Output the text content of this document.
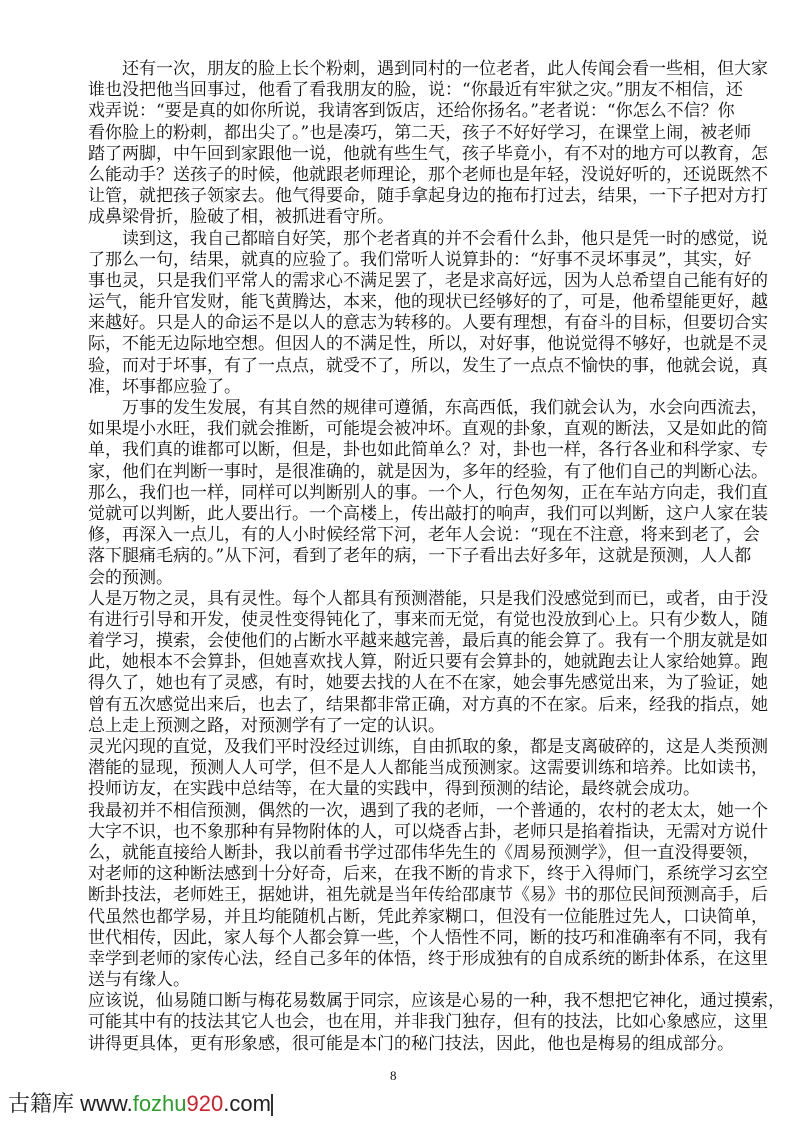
还有一次，朋友的脸上长个粉刺，遇到同村的一位老者，此人传闻会看一些相，但大家
谁也没把他当回事过，他看了看我朋友的脸，说：“你最近有牢狱之灾。”朋友不相信，还
戏弄说：“要是真的如你所说，我请客到饭店，还给你扬名。”老者说：“你怎么不信？你
看你脸上的粉刺，都出尖了。”也是凑巧，第二天，孩子不好好学习，在课堂上闹，被老师
踏了两脚，中午回到家跟他一说，他就有些生气，孩子毕竟小，有不对的地方可以教育，怎
么能动手？送孩子的时候，他就跟老师理论，那个老师也是年轻，没说好听的，还说既然不
让管，就把孩子领家去。他气得要命，随手拿起身边的拖布打过去，结果，一下子把对方打
成鼻梁骨折，脸破了相，被抓进看守所。
读到这，我自己都暗自好笑，那个老者真的并不会看什么卦，他只是凭一时的感觉，说
了那么一句，结果，就真的应验了。我们常听人说算卦的：“好事不灵坏事灵”，其实，好
事也灵，只是我们平常人的需求心不满足罢了，老是求高好远，因为人总希望自己能有好的
运气，能升官发财，能飞黄腾达，本来，他的现状已经够好的了，可是，他希望能更好，越
来越好。只是人的命运不是以人的意志为转移的。人要有理想，有奋斗的目标，但要切合实
际，不能无边际地空想。但因人的不满足性，所以，对好事，他说觉得不够好，也就是不灵
验，而对于坏事，有了一点点，就受不了，所以，发生了一点点不愉快的事，他就会说，真
准，坏事都应验了。
万事的发生发展，有其自然的规律可遵循，东高西低，我们就会认为，水会向西流去，
如果堤小水旺，我们就会推断，可能堤会被冲坏。直观的卦象，直观的断法，又是如此的简
单，我们真的谁都可以断，但是，卦也如此简单么？对，卦也一样，各行各业和科学家、专
家，他们在判断一事时，是很准确的，就是因为，多年的经验，有了他们自己的判断心法。
那么，我们也一样，同样可以判断别人的事。一个人，行色匆匆，正在车站方向走，我们直
觉就可以判断，此人要出行。一个高楼上，传出敲打的响声，我们可以判断，这户人家在装
修，再深入一点儿，有的人小时候经常下河，老年人会说：“现在不注意，将来到老了，会
落下腿痛毛病的。”从下河，看到了老年的病，一下子看出去好多年，这就是预测，人人都
会的预测。
人是万物之灵，具有灵性。每个人都具有预测潜能，只是我们没感觉到而已，或者，由于没
有进行引导和开发，使灵性变得钝化了，事来而无觉，有觉也没放到心上。只有少数人，随
着学习，摸索，会使他们的占断水平越来越完善，最后真的能会算了。我有一个朋友就是如
此，她根本不会算卦，但她喜欢找人算，附近只要有会算卦的，她就跑去让人家给她算。跑
得久了，她也有了灵感，有时，她要去找的人在不在家，她会事先感觉出来，为了验证，她
曾有五次感觉出来后，也去了，结果都非常正确，对方真的不在家。后来，经我的指点，她
总上走上预测之路，对预测学有了一定的认识。
灵光闪现的直觉，及我们平时没经过训练，自由抓取的象，都是支离破碎的，这是人类预测
潜能的显现，预测人人可学，但不是人人都能当成预测家。这需要训练和培养。比如读书，
投师访友，在实践中总结等，在大量的实践中，得到预测的结论，最终就会成功。
我最初并不相信预测，偶然的一次，遇到了我的老师，一个普通的，农村的老太太，她一个
大字不识，也不象那种有异物附体的人，可以烧香占卦，老师只是掐着指诀，无需对方说什
么，就能直接给人断卦，我以前看书学过邵伟华先生的《周易预测学》，但一直没得要领，
对老师的这种断法感到十分好奇，后来，在我不断的肯求下，终于入得师门，系统学习玄空
断卦技法，老师姓王，据她讲，祖先就是当年传给邵康节《易》书的那位民间预测高手，后
代虽然也都学易，并且均能随机占断，凭此养家糊口，但没有一位能胜过先人，口诀简单，
世代相传，因此，家人每个人都会算一些，个人悟性不同，断的技巧和准确率有不同，我有
幸学到老师的家传心法，经自己多年的体悟，终于形成独有的自成系统的断卦体系，在这里
送与有缘人。
应该说，仙易随口断与梅花易数属于同宗，应该是心易的一种，我不想把它神化，通过摸索，
可能其中有的技法其它人也会，也在用，并非我门独存，但有的技法，比如心象感应，这里
讲得更具体，更有形象感，很可能是本门的秘门技法，因此，他也是梅易的组成部分。
8
古籍库 www.fozhu920.com
